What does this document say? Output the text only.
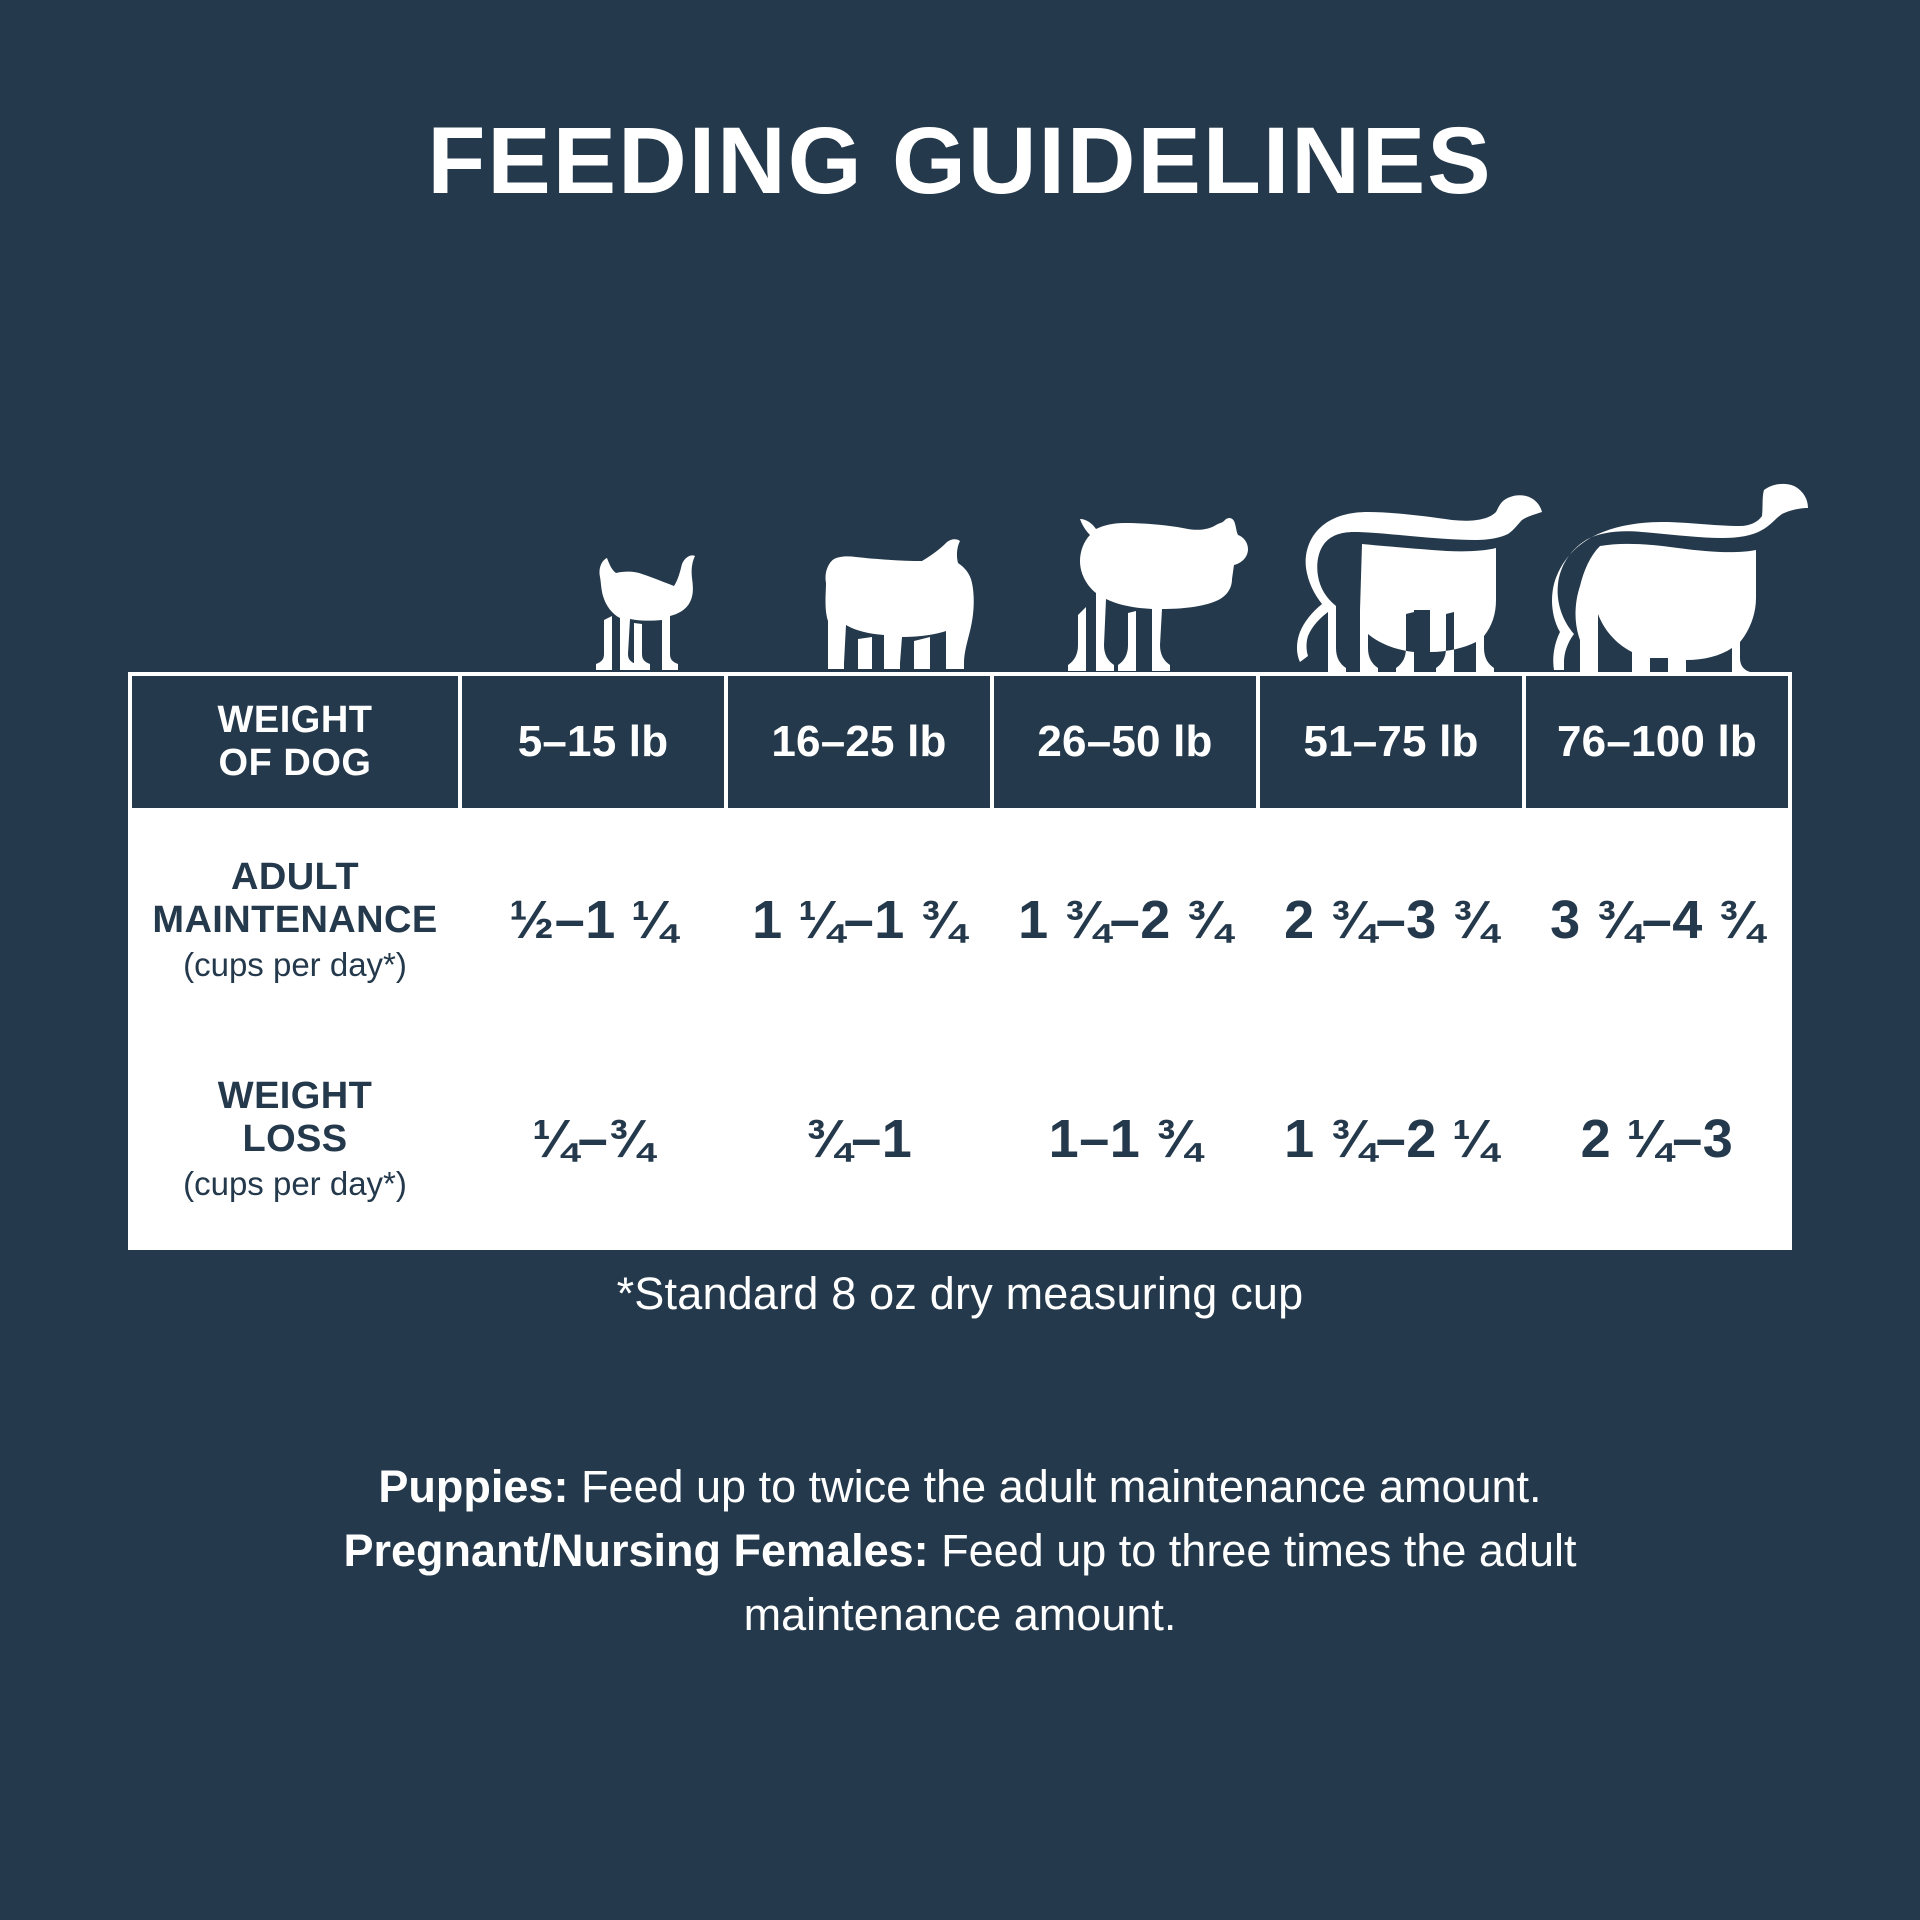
FEEDING GUIDELINES
WEIGHT
OF DOG	5–15 lb	16–25 lb	26–50 lb	51–75 lb	76–100 lb

ADULT
MAINTENANCE
(cups per day*)	½–1 ¼	1 ¼–1 ¾	1 ¾–2 ¾	2 ¾–3 ¾	3 ¾–4 ¾

WEIGHT
LOSS
(cups per day*)	¼–¾	¾–1	1–1 ¾	1 ¾–2 ¼	2 ¼–3
*Standard 8 oz dry measuring cup

Puppies: Feed up to twice the adult maintenance amount.

Pregnant/Nursing Females: Feed up to three times the adult maintenance amount.
